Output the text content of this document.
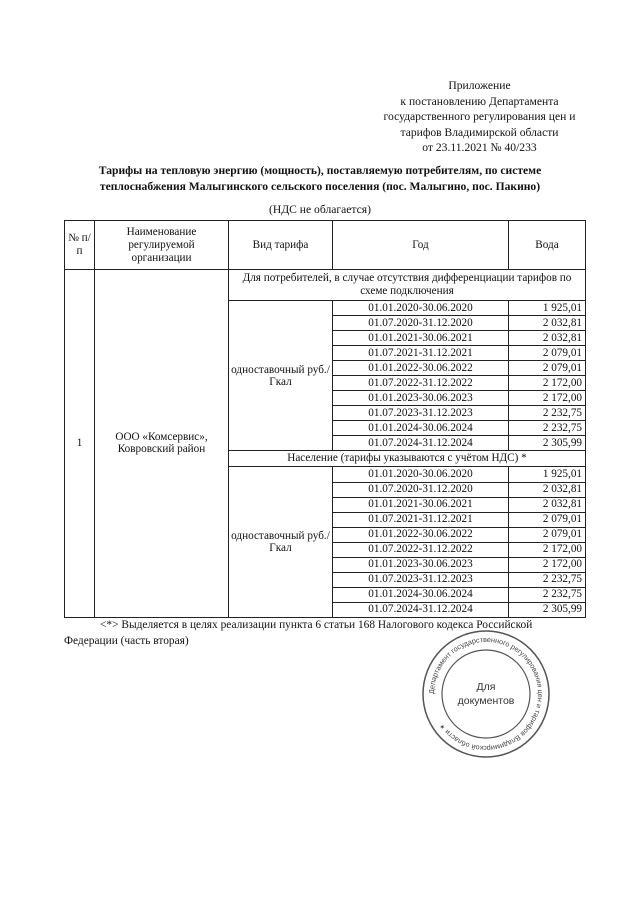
Приложение
к постановлению Департамента
государственного регулирования цен и
тарифов Владимирской области
от 23.11.2021 № 40/233
Тарифы на тепловую энергию (мощность), поставляемую потребителям, по системе
теплоснабжения Малыгинского сельского поселения (пос. Малыгино, пос. Пакино)
(НДС не облагается)
№ п/п	Наименование регулируемой организации	Вид тарифа	Год	Вода
1	ООО «Комсервис», Ковровский район	Для потребителей, в случае отсутствия дифференциации тарифов по схеме подключения		
		одноставочный руб./Гкал	01.01.2020-30.06.2020	1 925,01
			01.07.2020-31.12.2020	2 032,81
			01.01.2021-30.06.2021	2 032,81
			01.07.2021-31.12.2021	2 079,01
			01.01.2022-30.06.2022	2 079,01
			01.07.2022-31.12.2022	2 172,00
			01.01.2023-30.06.2023	2 172,00
			01.07.2023-31.12.2023	2 232,75
			01.01.2024-30.06.2024	2 232,75
			01.07.2024-31.12.2024	2 305,99
		Население (тарифы указываются с учётом НДС) *		
		одноставочный руб./Гкал	01.01.2020-30.06.2020	1 925,01
			01.07.2020-31.12.2020	2 032,81
			01.01.2021-30.06.2021	2 032,81
			01.07.2021-31.12.2021	2 079,01
			01.01.2022-30.06.2022	2 079,01
			01.07.2022-31.12.2022	2 172,00
			01.01.2023-30.06.2023	2 172,00
			01.07.2023-31.12.2023	2 232,75
			01.01.2024-30.06.2024	2 232,75
			01.07.2024-31.12.2024	2 305,99
<*> Выделяется в целях реализации пункта 6 статьи 168 Налогового кодекса Российской Федерации (часть вторая)
Департамент государственного регулирования цен и тарифов Владимирской области ✶
Для
документов
